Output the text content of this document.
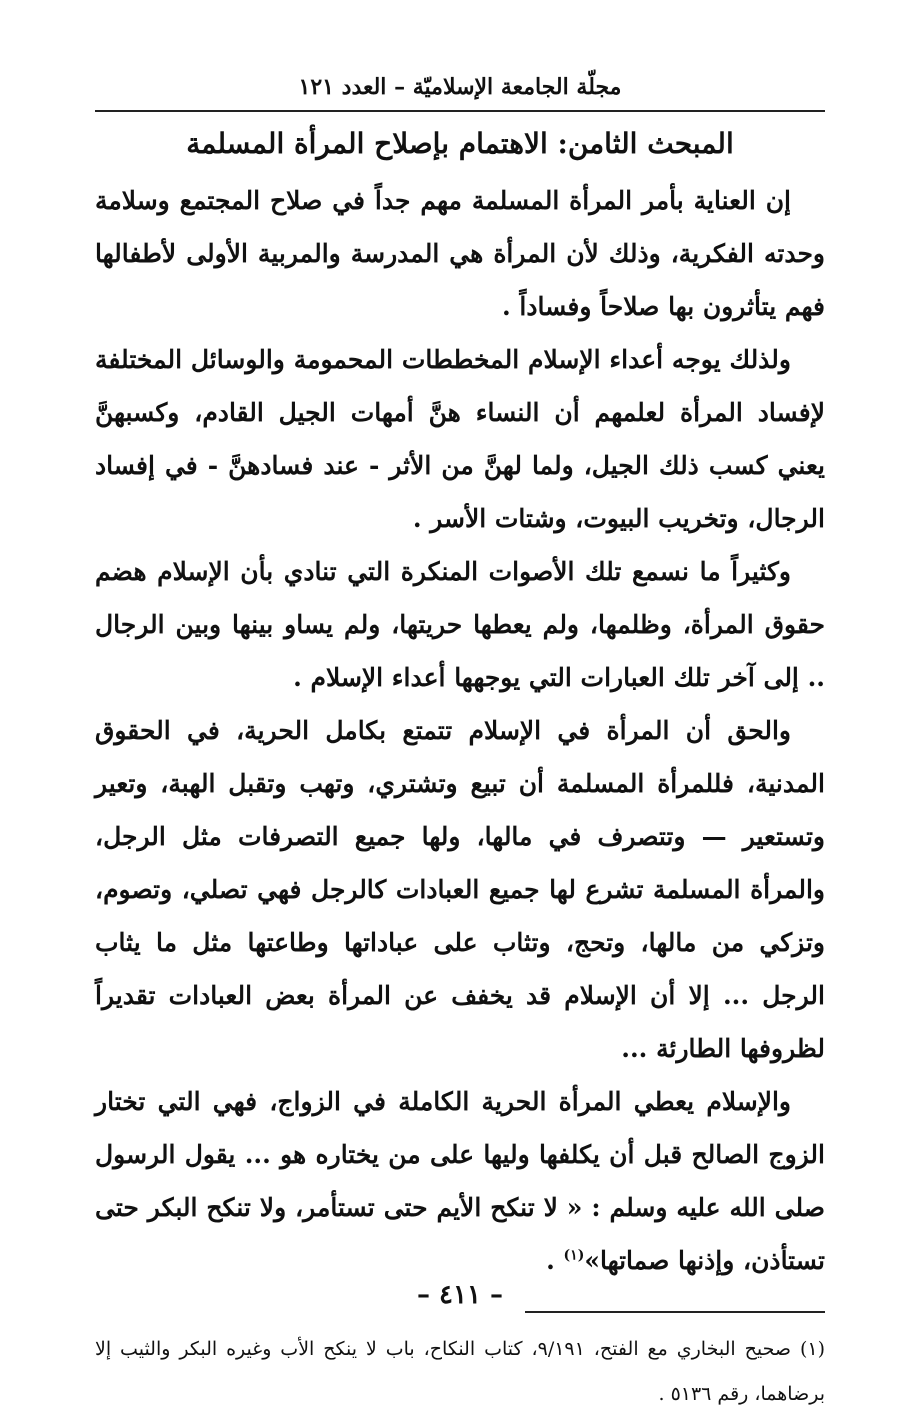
مجلّة الجامعة الإسلاميّة – العدد ١٢١
المبحث الثامن: الاهتمام بإصلاح المرأة المسلمة

إن العناية بأمر المرأة المسلمة مهم جداً في صلاح المجتمع وسلامة وحدته الفكرية، وذلك لأن المرأة هي المدرسة والمربية الأولى لأطفالها فهم يتأثرون بها صلاحاً وفساداً .

ولذلك يوجه أعداء الإسلام المخططات المحمومة والوسائل المختلفة لإفساد المرأة لعلمهم أن النساء هنَّ أمهات الجيل القادم، وكسبهنَّ يعني كسب ذلك الجيل، ولما لهنَّ من الأثر - عند فسادهنَّ - في إفساد الرجال، وتخريب البيوت، وشتات الأسر .

وكثيراً ما نسمع تلك الأصوات المنكرة التي تنادي بأن الإسلام هضم حقوق المرأة، وظلمها، ولم يعطها حريتها، ولم يساو بينها وبين الرجال .. إلى آخر تلك العبارات التي يوجهها أعداء الإسلام .

والحق أن المرأة في الإسلام تتمتع بكامل الحرية، في الحقوق المدنية، فللمرأة المسلمة أن تبيع وتشتري، وتهب وتقبل الهبة، وتعير وتستعير — وتتصرف في مالها، ولها جميع التصرفات مثل الرجل، والمرأة المسلمة تشرع لها جميع العبادات كالرجل فهي تصلي، وتصوم، وتزكي من مالها، وتحج، وتثاب على عباداتها وطاعتها مثل ما يثاب الرجل ... إلا أن الإسلام قد يخفف عن المرأة بعض العبادات تقديراً لظروفها الطارئة ...

والإسلام يعطي المرأة الحرية الكاملة في الزواج، فهي التي تختار الزوج الصالح قبل أن يكلفها وليها على من يختاره هو ... يقول الرسول صلى الله عليه وسلم : « لا تنكح الأيم حتى تستأمر، ولا تنكح البكر حتى تستأذن، وإذنها صماتها»$^{(١)}$ .

(١) صحيح البخاري مع الفتح، ٩/١٩١، كتاب النكاح، باب لا ينكح الأب وغيره البكر والثيب إلا برضاهما، رقم ٥١٣٦ .

– ٤١١ –
